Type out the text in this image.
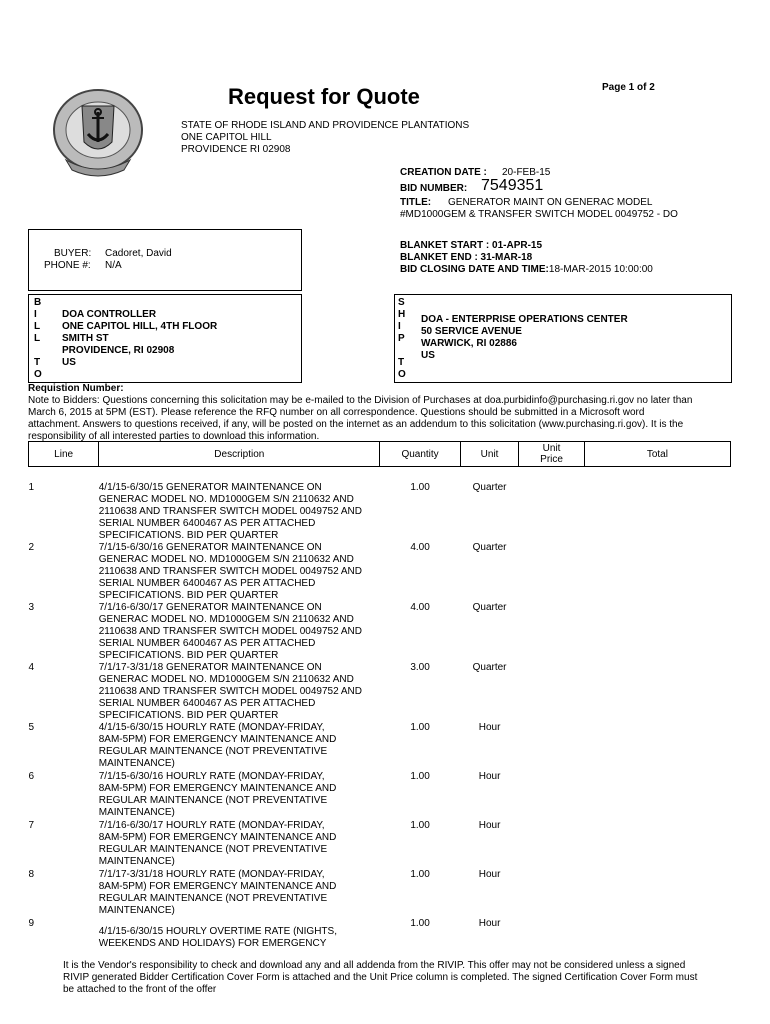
Request for Quote	Page 1 of 2
STATE OF RHODE ISLAND AND PROVIDENCE PLANTATIONS
ONE CAPITOL HILL
PROVIDENCE RI 02908
CREATION DATE : 20-FEB-15
BID NUMBER: 7549351
TITLE: GENERATOR MAINT ON GENERAC MODEL
#MD1000GEM & TRANSFER SWITCH MODEL 0049752 - DO
BUYER: Cadoret, David
PHONE #: N/A
BLANKET START : 01-APR-15
BLANKET END : 31-MAR-18
BID CLOSING DATE AND TIME:18-MAR-2015 10:00:00
B
I
L
L
T
O
DOA CONTROLLER
ONE CAPITOL HILL, 4TH FLOOR
SMITH ST
PROVIDENCE, RI 02908
US
S
H
I
P
T
O
DOA - ENTERPRISE OPERATIONS CENTER
50 SERVICE AVENUE
WARWICK, RI 02886
US
Requistion Number:
Note to Bidders: Questions concerning this solicitation may be e-mailed to the Division of Purchases at doa.purbidinfo@purchasing.ri.gov no later than
March 6, 2015 at 5PM (EST). Please reference the RFQ number on all correspondence. Questions should be submitted in a Microsoft word
attachment. Answers to questions received, if any, will be posted on the internet as an addendum to this solicitation (www.purchasing.ri.gov). It is the
responsibility of all interested parties to download this information.
Line	Description	Quantity	Unit	Unit
Price	Total
1	4/1/15-6/30/15 GENERATOR MAINTENANCE ON
GENERAC MODEL NO. MD1000GEM S/N 2110632 AND
2110638 AND TRANSFER SWITCH MODEL 0049752 AND
SERIAL NUMBER 6400467 AS PER ATTACHED
SPECIFICATIONS. BID PER QUARTER	1.00	Quarter		
2	7/1/15-6/30/16 GENERATOR MAINTENANCE ON
GENERAC MODEL NO. MD1000GEM S/N 2110632 AND
2110638 AND TRANSFER SWITCH MODEL 0049752 AND
SERIAL NUMBER 6400467 AS PER ATTACHED
SPECIFICATIONS. BID PER QUARTER	4.00	Quarter		
3	7/1/16-6/30/17 GENERATOR MAINTENANCE ON
GENERAC MODEL NO. MD1000GEM S/N 2110632 AND
2110638 AND TRANSFER SWITCH MODEL 0049752 AND
SERIAL NUMBER 6400467 AS PER ATTACHED
SPECIFICATIONS. BID PER QUARTER	4.00	Quarter		
4	7/1/17-3/31/18 GENERATOR MAINTENANCE ON
GENERAC MODEL NO. MD1000GEM S/N 2110632 AND
2110638 AND TRANSFER SWITCH MODEL 0049752 AND
SERIAL NUMBER 6400467 AS PER ATTACHED
SPECIFICATIONS. BID PER QUARTER	3.00	Quarter		
5	4/1/15-6/30/15 HOURLY RATE (MONDAY-FRIDAY,
8AM-5PM) FOR EMERGENCY MAINTENANCE AND
REGULAR MAINTENANCE (NOT PREVENTATIVE
MAINTENANCE)	1.00	Hour		
6	7/1/15-6/30/16 HOURLY RATE (MONDAY-FRIDAY,
8AM-5PM) FOR EMERGENCY MAINTENANCE AND
REGULAR MAINTENANCE (NOT PREVENTATIVE
MAINTENANCE)	1.00	Hour		
7	7/1/16-6/30/17 HOURLY RATE (MONDAY-FRIDAY,
8AM-5PM) FOR EMERGENCY MAINTENANCE AND
REGULAR MAINTENANCE (NOT PREVENTATIVE
MAINTENANCE)	1.00	Hour		
8	7/1/17-3/31/18 HOURLY RATE (MONDAY-FRIDAY,
8AM-5PM) FOR EMERGENCY MAINTENANCE AND
REGULAR MAINTENANCE (NOT PREVENTATIVE
MAINTENANCE)	1.00	Hour		
9	4/1/15-6/30/15 HOURLY OVERTIME RATE (NIGHTS,
WEEKENDS AND HOLIDAYS) FOR EMERGENCY	1.00	Hour		
It is the Vendor's responsibility to check and download any and all addenda from the RIVIP. This offer may not be considered unless a signed
RIVIP generated Bidder Certification Cover Form is attached and the Unit Price column is completed. The signed Certification Cover Form must
be attached to the front of the offer
